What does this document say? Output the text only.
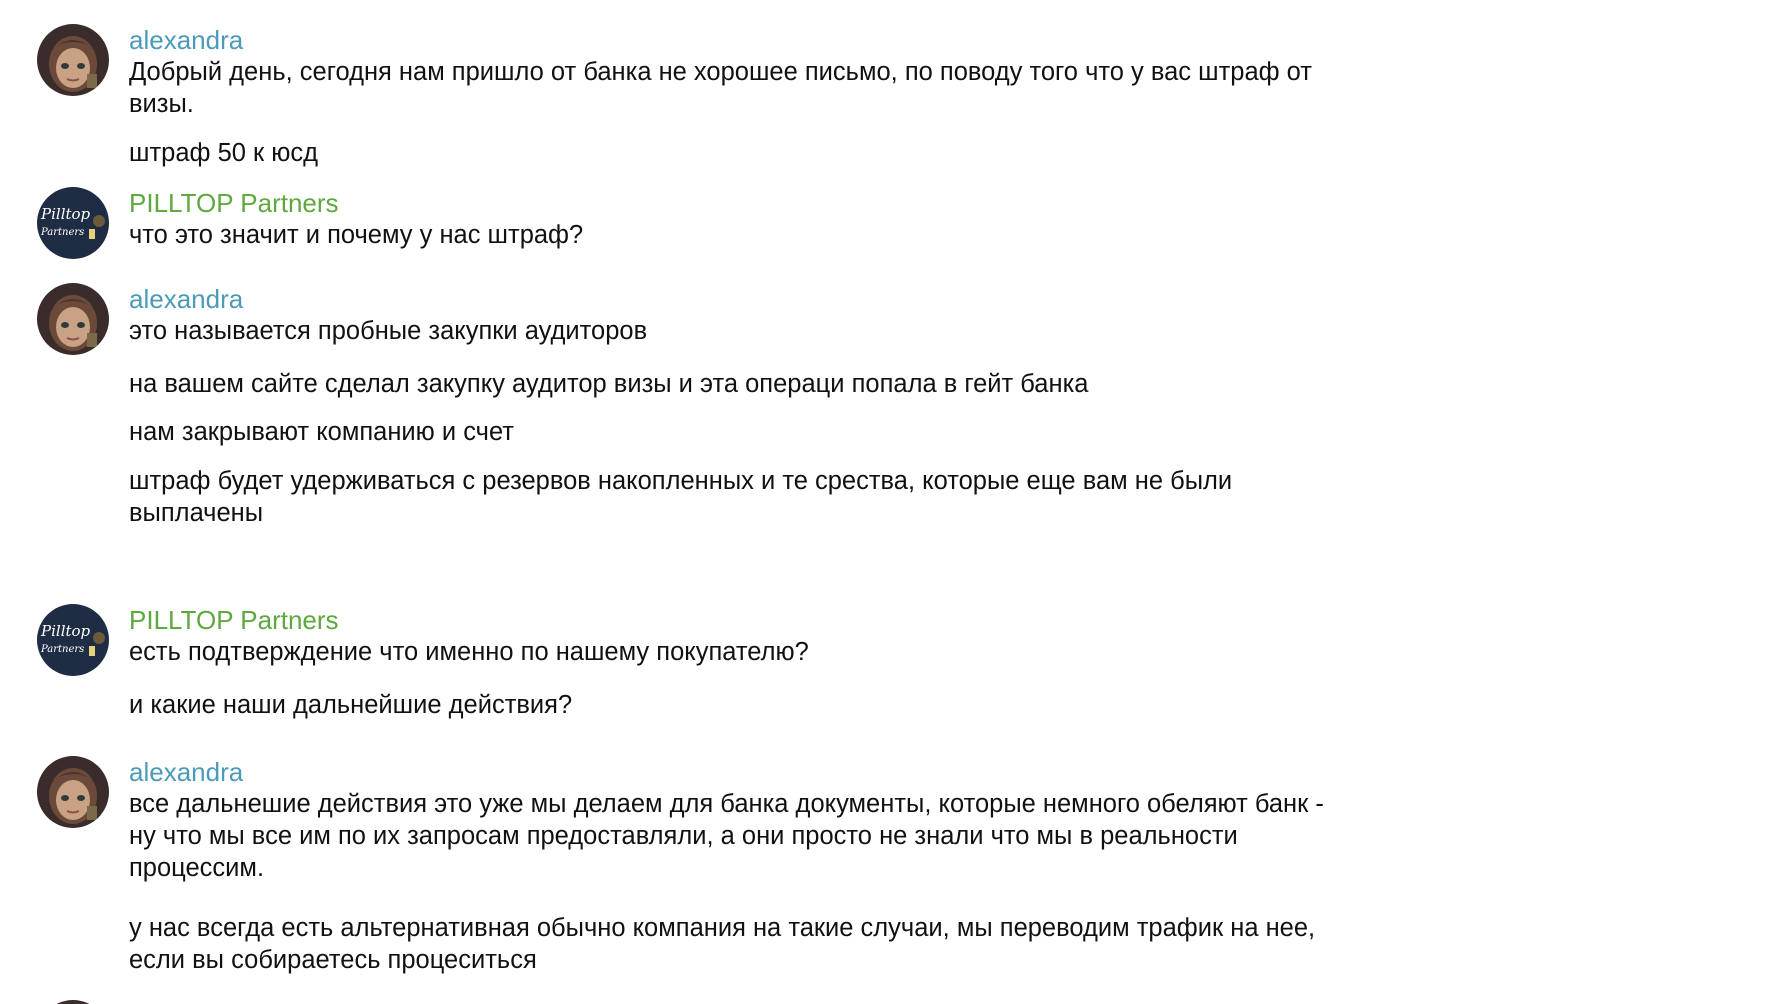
alexandra
Добрый день, сегодня нам пришло от банка не хорошее письмо, по поводу того что у вас штраф от
визы.
штраф 50 к юсд
Pilltop
Partners
PILLTOP Partners
что это значит и почему у нас штраф?
alexandra
это называется пробные закупки аудиторов
на вашем сайте сделал закупку аудитор визы и эта операци попала в гейт банка
нам закрывают компанию и счет
штраф будет удерживаться с резервов накопленных и те срества, которые еще вам не были
выплачены
Pilltop
Partners
PILLTOP Partners
есть подтверждение что именно по нашему покупателю?
и какие наши дальнейшие действия?
alexandra
все дальнешие действия это уже мы делаем для банка документы, которые немного обеляют банк -
ну что мы все им по их запросам предоставляли, а они просто не знали что мы в реальности
процессим.
у нас всегда есть альтернативная обычно компания на такие случаи, мы переводим трафик на нее,
если вы собираетесь процеситься
